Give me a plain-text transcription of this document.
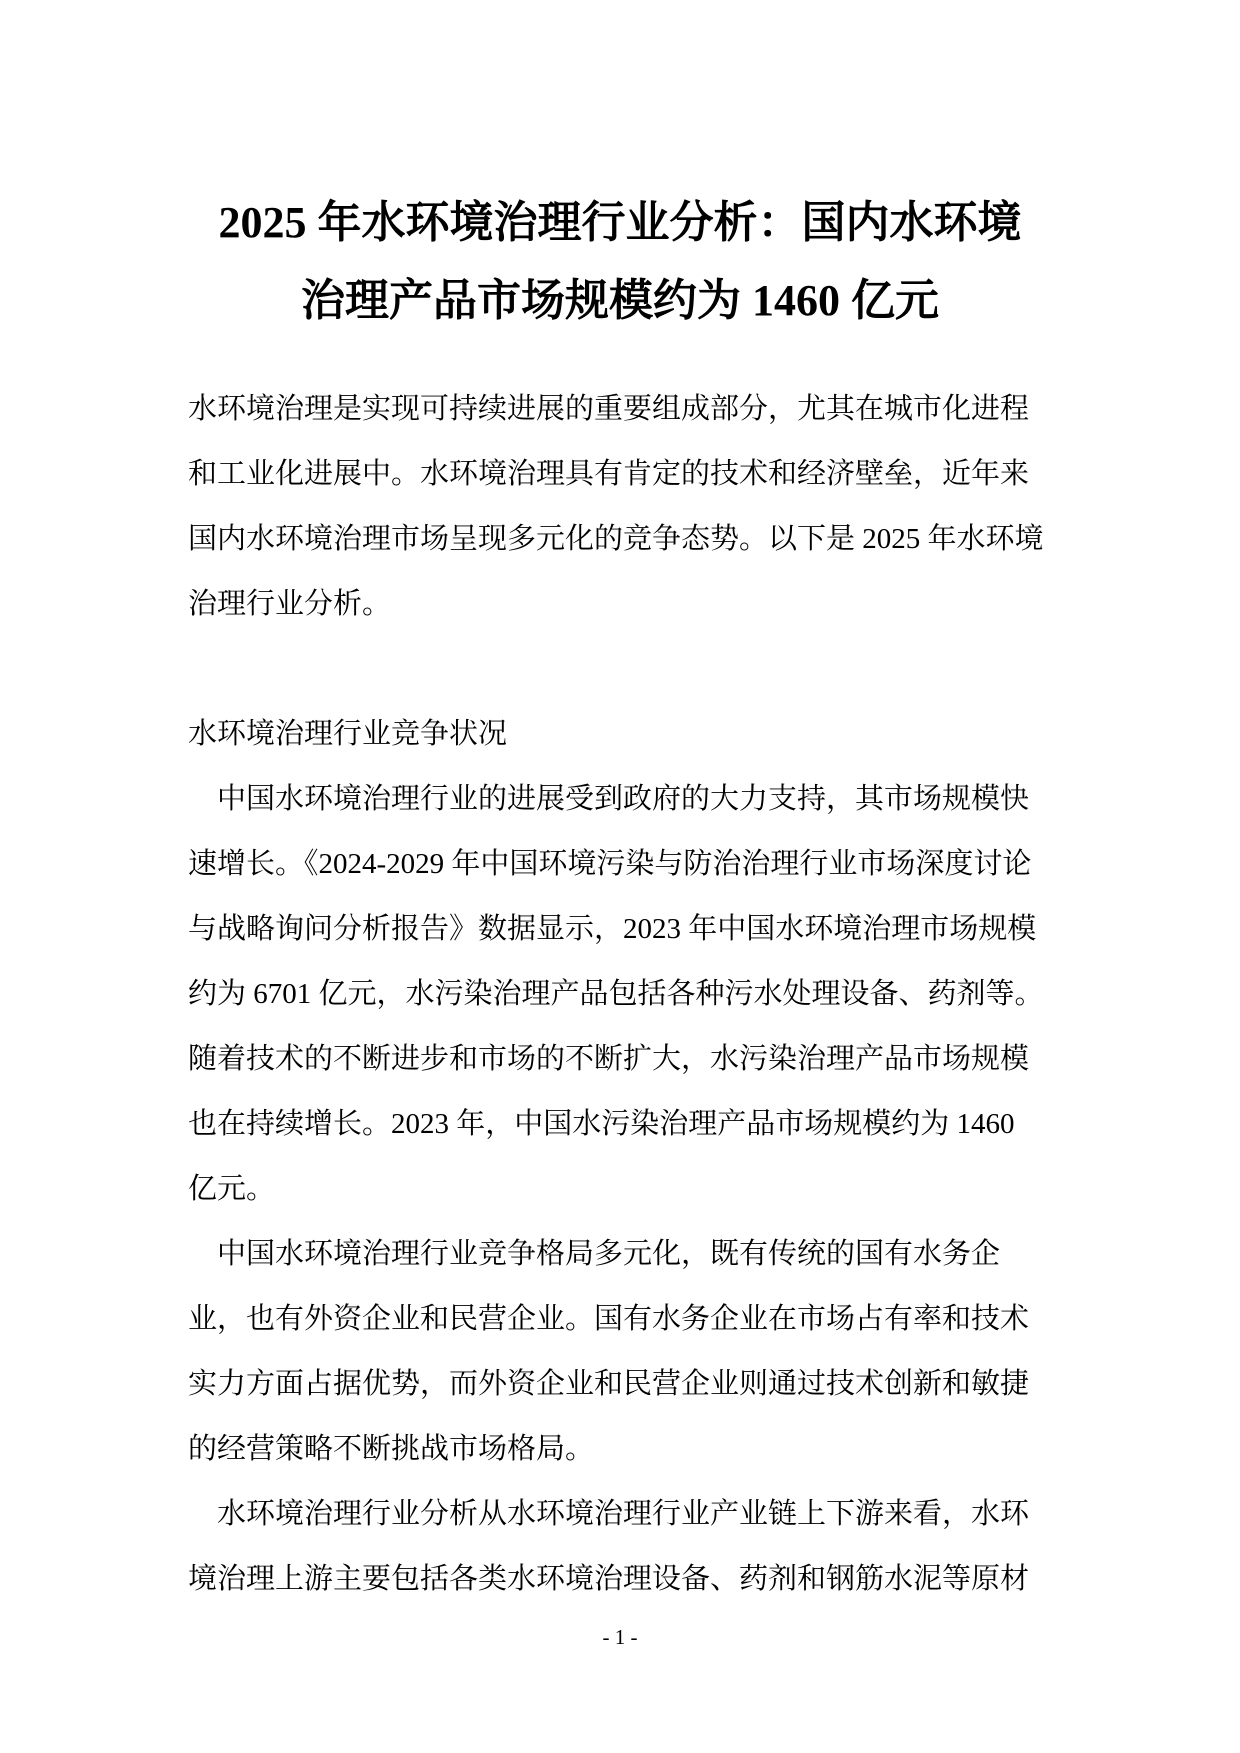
2025 年水环境治理行业分析：国内水环境
治理产品市场规模约为 1460 亿元
水环境治理是实现可持续进展的重要组成部分，尤其在城市化进程
和工业化进展中。水环境治理具有肯定的技术和经济壁垒，近年来
国内水环境治理市场呈现多元化的竞争态势。以下是 2025 年水环境
治理行业分析。
水环境治理行业竞争状况
中国水环境治理行业的进展受到政府的大力支持，其市场规模快
速增长。《2024-2029 年中国环境污染与防治治理行业市场深度讨论
与战略询问分析报告》数据显示，2023 年中国水环境治理市场规模
约为 6701 亿元，水污染治理产品包括各种污水处理设备、药剂等。
随着技术的不断进步和市场的不断扩大，水污染治理产品市场规模
也在持续增长。2023 年，中国水污染治理产品市场规模约为 1460
亿元。
中国水环境治理行业竞争格局多元化，既有传统的国有水务企
业，也有外资企业和民营企业。国有水务企业在市场占有率和技术
实力方面占据优势，而外资企业和民营企业则通过技术创新和敏捷
的经营策略不断挑战市场格局。
水环境治理行业分析从水环境治理行业产业链上下游来看，水环
境治理上游主要包括各类水环境治理设备、药剂和钢筋水泥等原材
- 1 -
